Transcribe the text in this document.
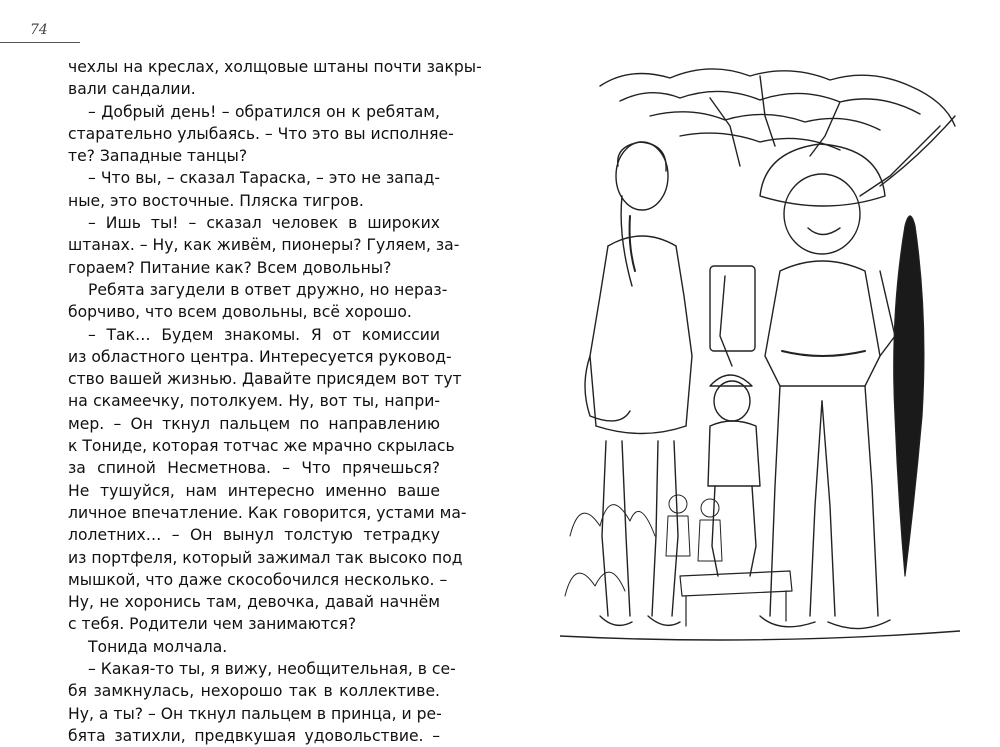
74
чехлы на креслах, холщовые штаны почти закры-
вали сандалии.
– Добрый день! – обратился он к ребятам,
старательно улыбаясь. – Что это вы исполняе-
те? Западные танцы?
– Что вы, – сказал Тараска, – это не запад-
ные, это восточные. Пляска тигров.
– Ишь ты! – сказал человек в широких
штанах. – Ну, как живём, пионеры? Гуляем, за-
гораем? Питание как? Всем довольны?
Ребята загудели в ответ дружно, но нераз-
борчиво, что всем довольны, всё хорошо.
– Так… Будем знакомы. Я от комиссии
из областного центра. Интересуется руковод-
ство вашей жизнью. Давайте присядем вот тут
на скамеечку, потолкуем. Ну, вот ты, напри-
мер. – Он ткнул пальцем по направлению
к Тониде, которая тотчас же мрачно скрылась
за спиной Несметнова. – Что прячешься?
Не тушуйся, нам интересно именно ваше
личное впечатление. Как говорится, устами ма-
лолетних… – Он вынул толстую тетрадку
из портфеля, который зажимал так высоко под
мышкой, что даже скособочился несколько. –
Ну, не хоронись там, девочка, давай начнём
с тебя. Родители чем занимаются?
Тонида молчала.
– Какая-то ты, я вижу, необщительная, в се-
бя замкнулась, нехорошо так в коллективе.
Ну, а ты? – Он ткнул пальцем в принца, и ре-
бята затихли, предвкушая удовольствие. –
